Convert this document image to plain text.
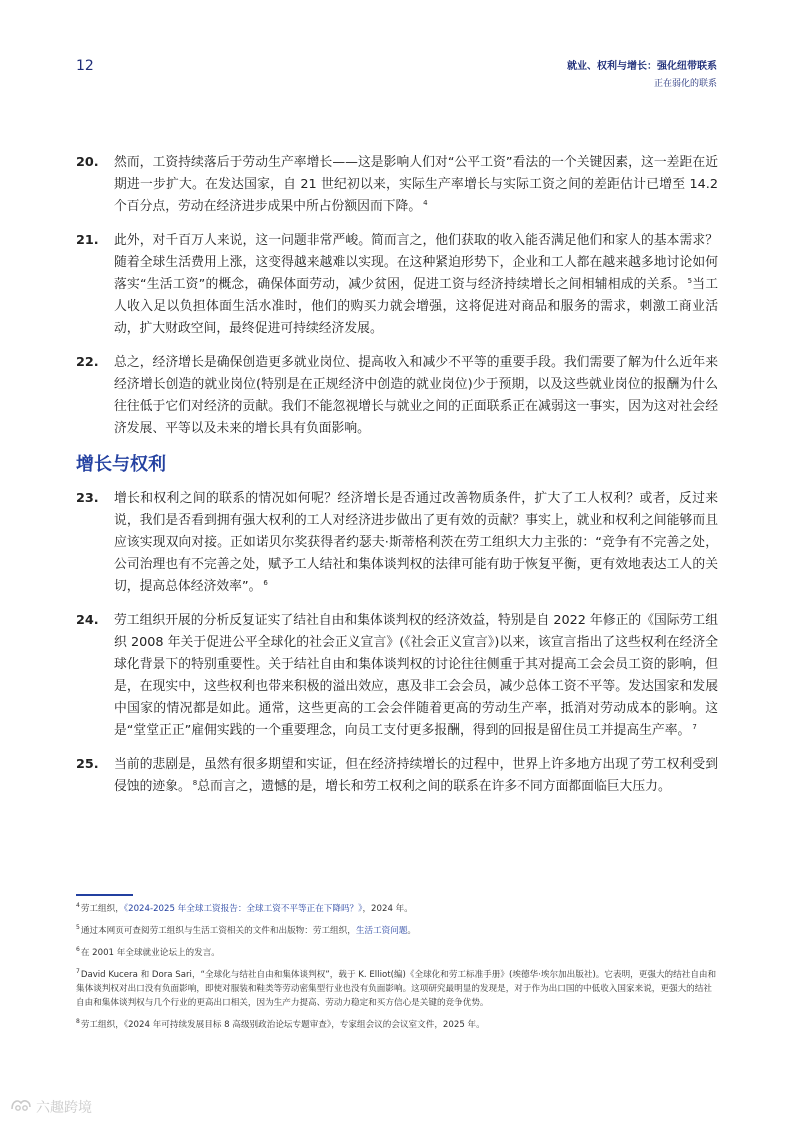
12	就业、权利与增长：强化纽带联系
正在弱化的联系
20.	然而，工资持续落后于劳动生产率增长——这是影响人们对“公平工资”看法的一个关键因素，这一差距在近期进一步扩大。在发达国家，自 21 世纪初以来，实际生产率增长与实际工资之间的差距估计已增至 14.2 个百分点，劳动在经济进步成果中所占份额因而下降。 $^4$
21.	此外，对千百万人来说，这一问题非常严峻。简而言之，他们获取的收入能否满足他们和家人的基本需求？随着全球生活费用上涨，这变得越来越难以实现。在这种紧迫形势下，企业和工人都在越来越多地讨论如何落实“生活工资”的概念，确保体面劳动，减少贫困，促进工资与经济持续增长之间相辅相成的关系。 $^5$当工人收入足以负担体面生活水准时，他们的购买力就会增强，这将促进对商品和服务的需求，刺激工商业活动，扩大财政空间，最终促进可持续经济发展。
22.	总之，经济增长是确保创造更多就业岗位、提高收入和减少不平等的重要手段。我们需要了解为什么近年来经济增长创造的就业岗位(特别是在正规经济中创造的就业岗位)少于预期，以及这些就业岗位的报酬为什么往往低于它们对经济的贡献。我们不能忽视增长与就业之间的正面联系正在减弱这一事实，因为这对社会经济发展、平等以及未来的增长具有负面影响。
增长与权利
23.	增长和权利之间的联系的情况如何呢？经济增长是否通过改善物质条件，扩大了工人权利？或者，反过来说，我们是否看到拥有强大权利的工人对经济进步做出了更有效的贡献？事实上，就业和权利之间能够而且应该实现双向对接。正如诺贝尔奖获得者约瑟夫·斯蒂格利茨在劳工组织大力主张的：“竞争有不完善之处，公司治理也有不完善之处，赋予工人结社和集体谈判权的法律可能有助于恢复平衡，更有效地表达工人的关切，提高总体经济效率”。 $^6$
24.	劳工组织开展的分析反复证实了结社自由和集体谈判权的经济效益，特别是自 2022 年修正的《国际劳工组织 2008 年关于促进公平全球化的社会正义宣言》(《社会正义宣言》)以来，该宣言指出了这些权利在经济全球化背景下的特别重要性。关于结社自由和集体谈判权的讨论往往侧重于其对提高工会会员工资的影响，但是，在现实中，这些权利也带来积极的溢出效应，惠及非工会会员，减少总体工资不平等。发达国家和发展中国家的情况都是如此。通常，这些更高的工会会伴随着更高的劳动生产率，抵消对劳动成本的影响。这是“堂堂正正”雇佣实践的一个重要理念，向员工支付更多报酬，得到的回报是留住员工并提高生产率。 $^7$
25.	当前的悲剧是，虽然有很多期望和实证，但在经济持续增长的过程中，世界上许多地方出现了劳工权利受到侵蚀的迹象。 $^8$总而言之，遗憾的是，增长和劳工权利之间的联系在许多不同方面都面临巨大压力。
$^4$劳工组织，《2024-2025 年全球工资报告：全球工资不平等正在下降吗？》，2024 年。
$^5$通过本网页可查阅劳工组织与生活工资相关的文件和出版物：劳工组织，生活工资问题。
$^6$在 2001 年全球就业论坛上的发言。
$^7$David Kucera 和 Dora Sari，“全球化与结社自由和集体谈判权”，载于 K. Elliot(编)《全球化和劳工标准手册》(埃德华·埃尔加出版社)。它表明，更强大的结社自由和集体谈判权对出口没有负面影响，即使对服装和鞋类等劳动密集型行业也没有负面影响。这项研究最明显的发现是，对于作为出口国的中低收入国家来说，更强大的结社自由和集体谈判权与几个行业的更高出口相关，因为生产力提高、劳动力稳定和买方信心是关键的竞争优势。
$^8$劳工组织，《2024 年可持续发展目标 8 高级别政治论坛专题审查》，专家组会议的会议室文件，2025 年。
六趣跨境
